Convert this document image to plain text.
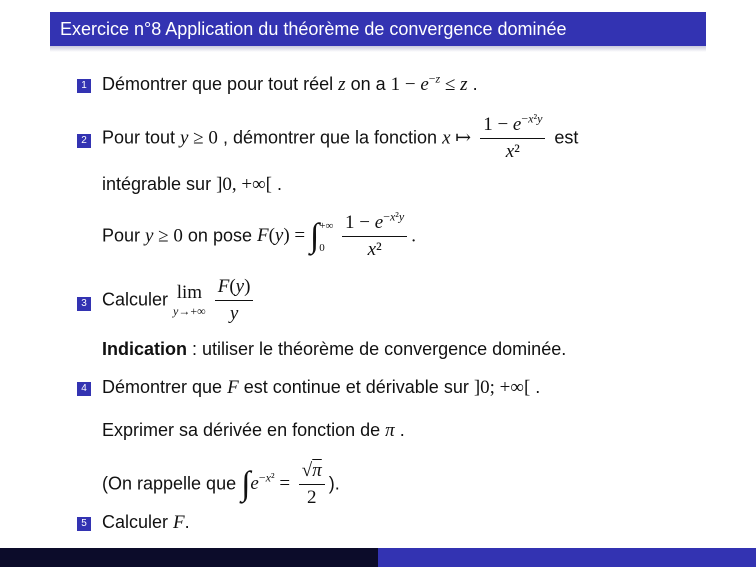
Exercice n°8 Application du théorème de convergence dominée
1 Démontrer que pour tout réel z on a $1 - e^{-z} \le z$ .
2 Pour tout y ≥ 0 , démontrer que la fonction x ↦ $\frac{1 - e^{-x^2y}}{\text{x²}}$ est
intégrable sur ]0, +∞[ .
Pour y ≥ 0 on pose F(y) = ∫ +∞
0
$\frac{1 - e^{-x^2y}}{\text{x²}}$ .
3 Calculer lim
y→+∞
$\frac{F(y)}{y}$
Indication : utiliser le théorème de convergence dominée.
4 Démontrer que F est continue et dérivable sur ]0; +∞[ .
Exprimer sa dérivée en fonction de π .
(On rappelle que $\int e^{-x^2} = \frac{√\pi}{2}$ ).
5 Calculer F.
